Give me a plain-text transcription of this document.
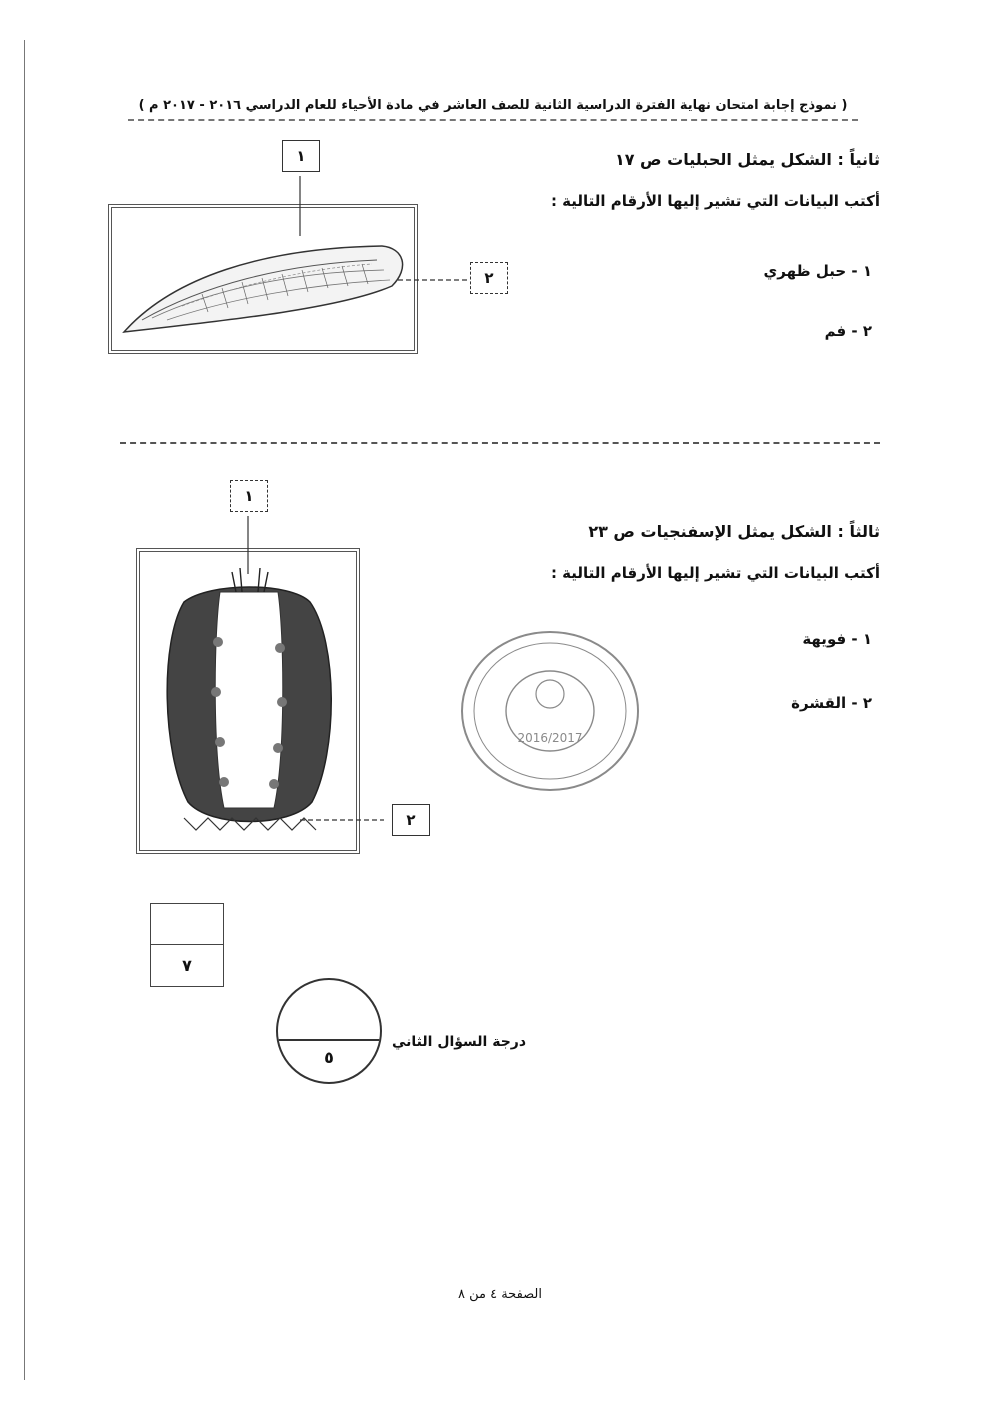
( نموذج إجابة امتحان نهاية الفترة الدراسية الثانية للصف العاشر في مادة الأحياء للعام الدراسي ٢٠١٦ - ٢٠١٧ م )
ثانياً : الشكل يمثل الحبليات ص ١٧
أكتب البيانات التي تشير إليها الأرقام التالية :
١ - حبل ظهري
٢ - فم
١
٢
ثالثاً : الشكل يمثل الإسفنجيات ص ٢٣
أكتب البيانات التي تشير إليها الأرقام التالية :
١ - فويهة
٢ - القشرة
١
٢
2016/2017
٧
٥
درجة السؤال الثاني
الصفحة ٤ من ٨
